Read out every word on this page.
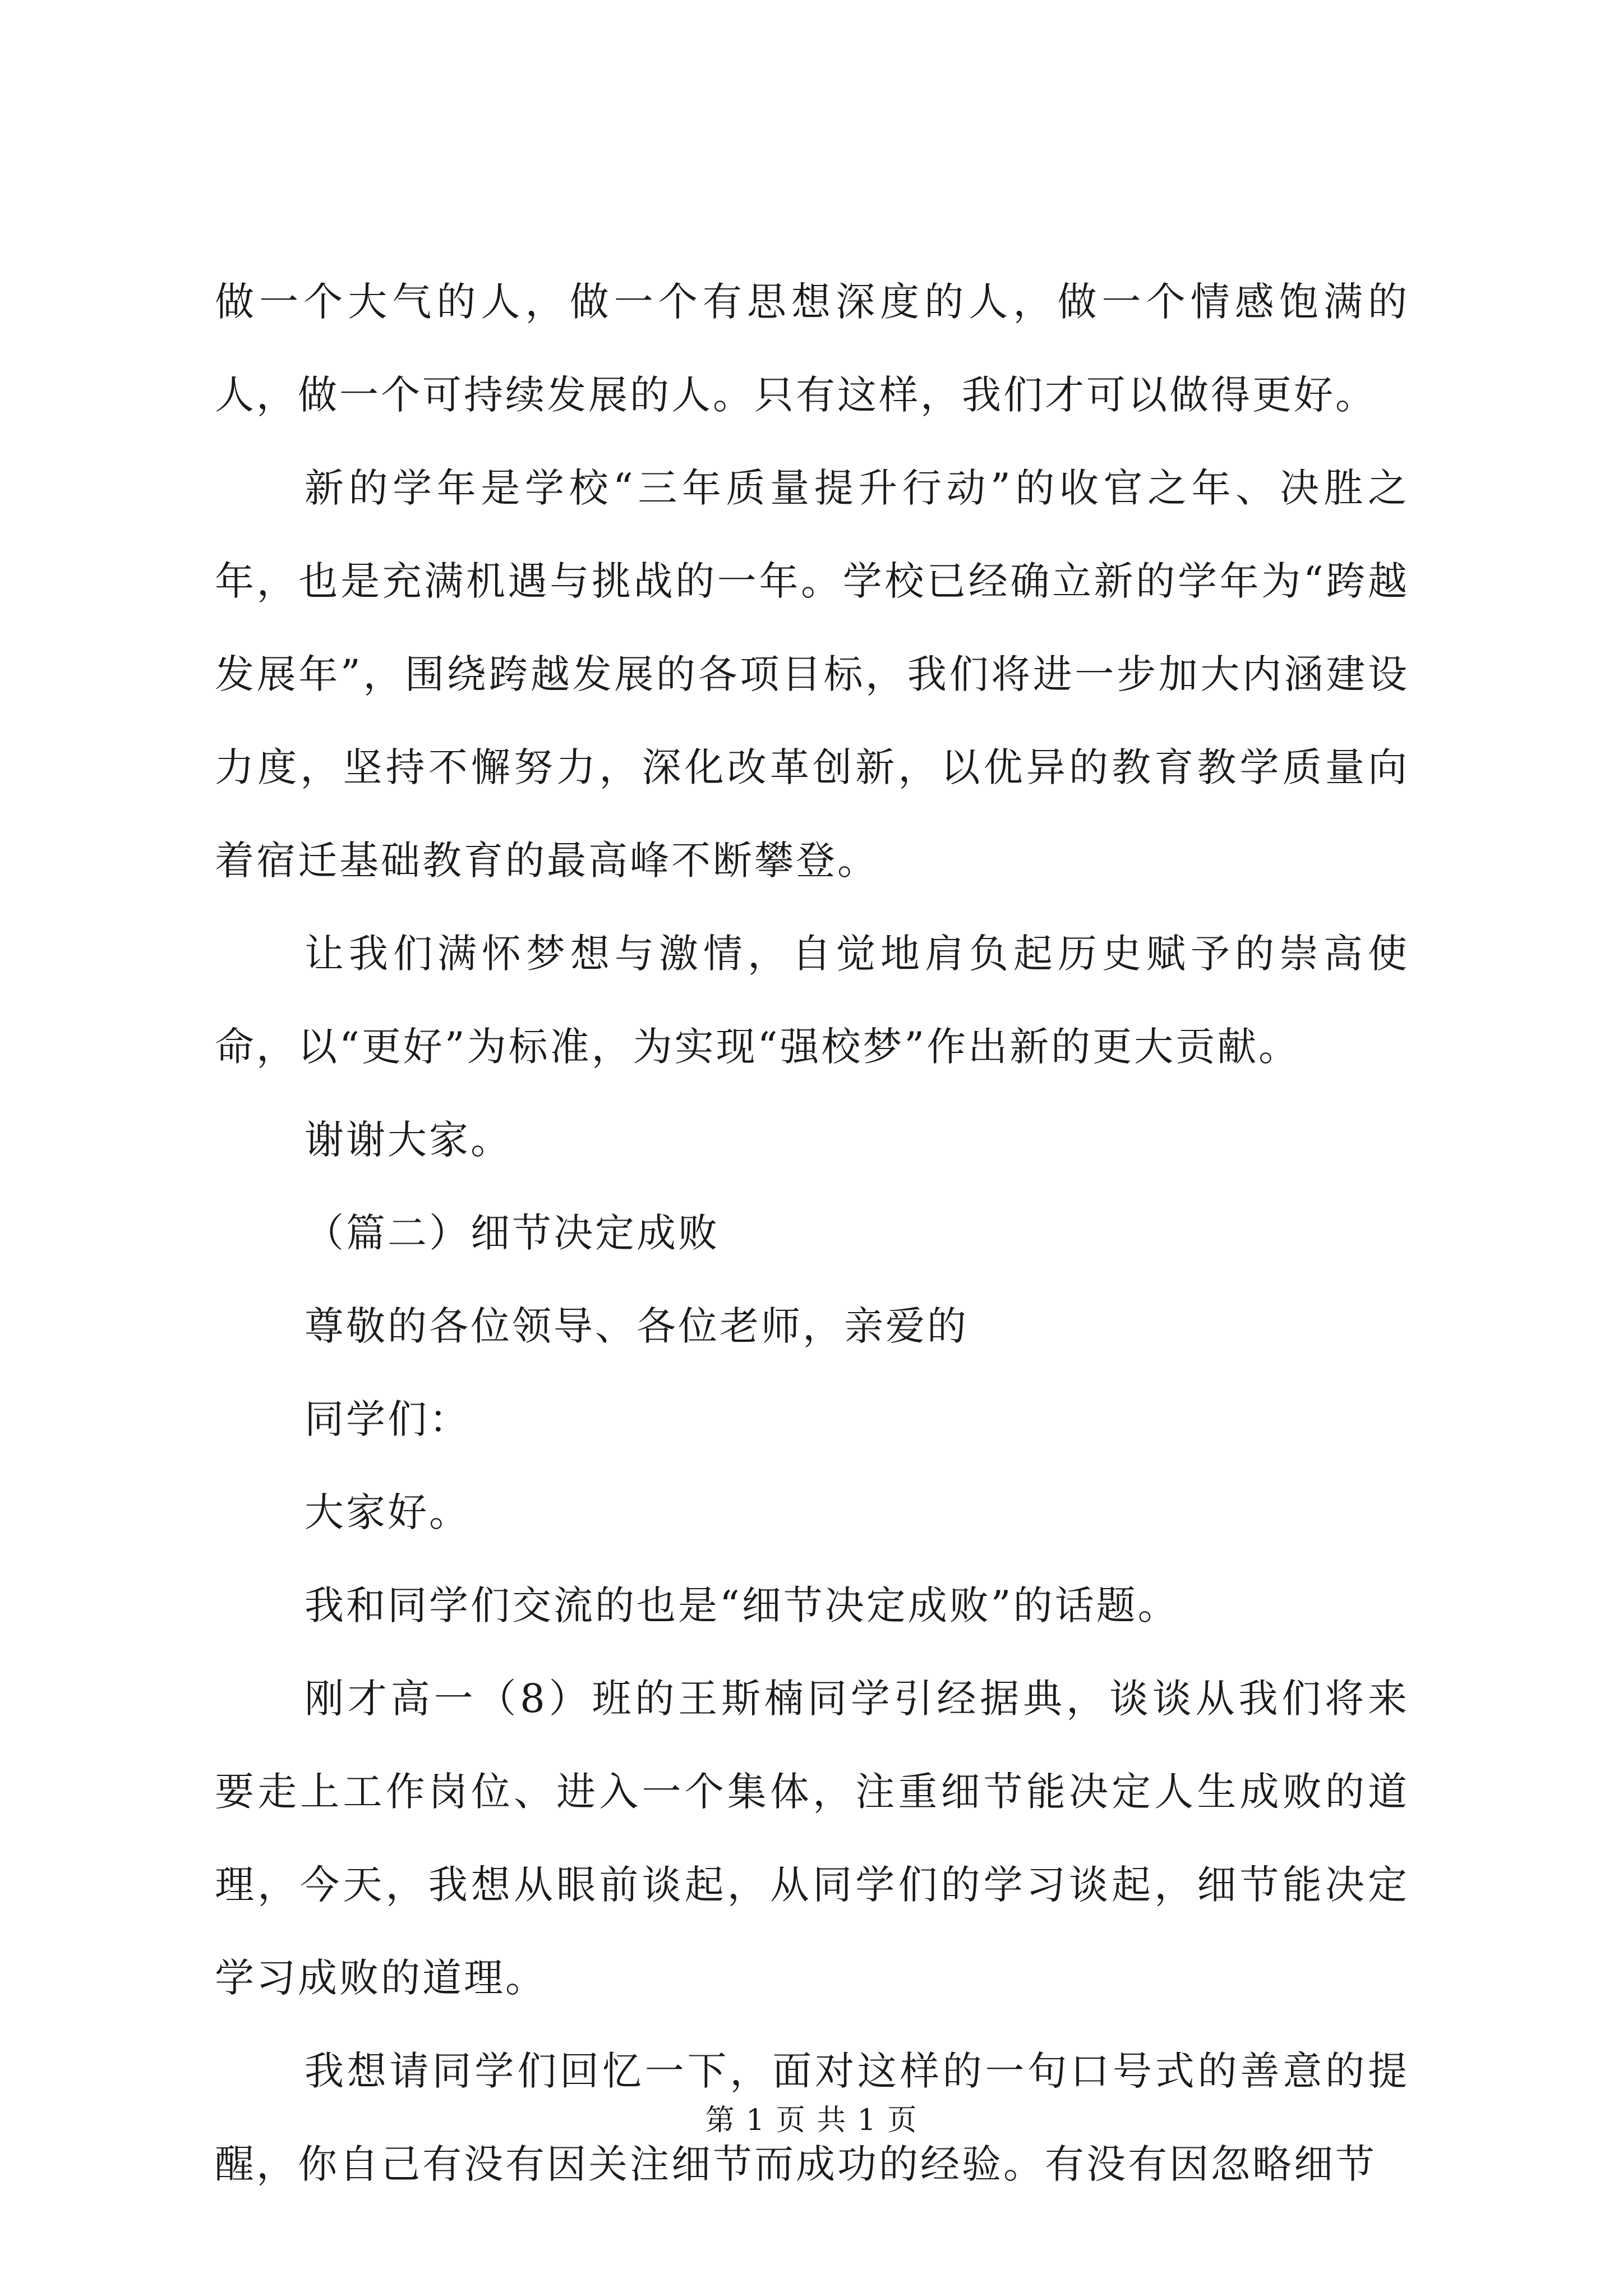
做一个大气的人，做一个有思想深度的人，做一个情感饱满的人，做一个可持续发展的人。只有这样，我们才可以做得更好。

新的学年是学校“三年质量提升行动”的收官之年、决胜之年，也是充满机遇与挑战的一年。学校已经确立新的学年为“跨越发展年”，围绕跨越发展的各项目标，我们将进一步加大内涵建设力度，坚持不懈努力，深化改革创新，以优异的教育教学质量向着宿迁基础教育的最高峰不断攀登。

让我们满怀梦想与激情，自觉地肩负起历史赋予的崇高使命，以“更好”为标准，为实现“强校梦”作出新的更大贡献。

谢谢大家。

（篇二）细节决定成败

尊敬的各位领导、各位老师，亲爱的

同学们：

大家好。

我和同学们交流的也是“细节决定成败”的话题。

刚才高一（8）班的王斯楠同学引经据典，谈谈从我们将来要走上工作岗位、进入一个集体，注重细节能决定人生成败的道理，今天，我想从眼前谈起，从同学们的学习谈起，细节能决定学习成败的道理。

我想请同学们回忆一下，面对这样的一句口号式的善意的提醒，你自己有没有因关注细节而成功的经验。有没有因忽略细节

第 1 页 共 1 页
